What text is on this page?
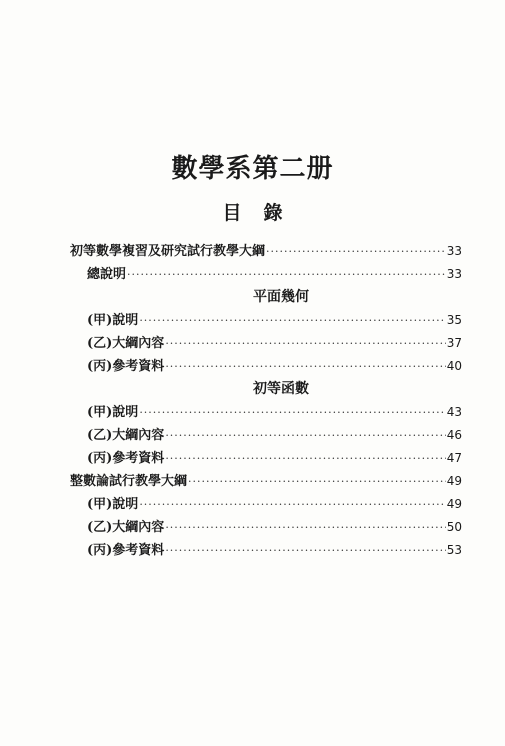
數學系第二册
目錄
初等數學複習及研究試行教學大綱 ·····	33
總說明 ·····	33
平面幾何
(甲)說明 ·····	35
(乙)大綱內容 ·····	37
(丙)參考資料 ·····	40
初等函數
(甲)說明 ·····	43
(乙)大綱內容 ·····	46
(丙)參考資料 ·····	47
整數論試行教學大綱 ·····	49
(甲)說明 ·····	49
(乙)大綱內容 ·····	50
(丙)參考資料 ·····	53
